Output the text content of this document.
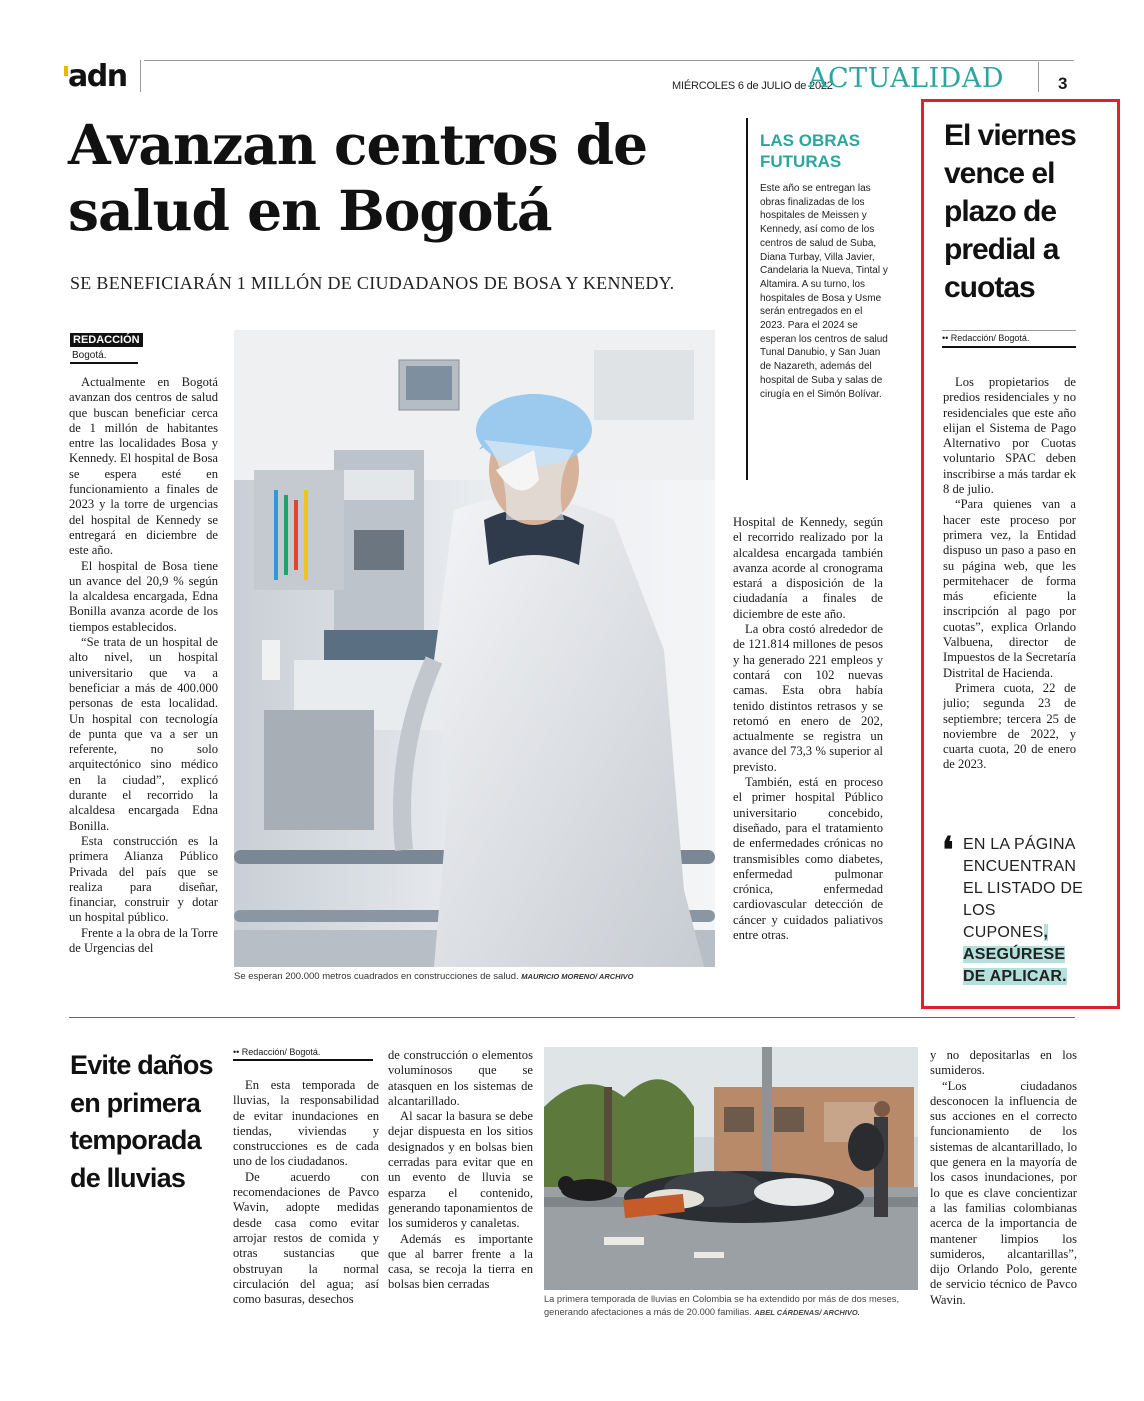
adn	MIÉRCOLES 6 de JULIO de 2022
ACTUALIDAD	3
Avanzan centros de salud en Bogotá
SE BENEFICIARÁN 1 MILLÓN DE CIUDADANOS DE BOSA Y KENNEDY.
REDACCIÓN
Bogotá.

Actualmente en Bogotá avanzan dos centros de salud que buscan beneficiar cerca de 1 millón de habitantes entre las localidades Bosa y Kennedy. El hospital de Bosa se espera esté en funcionamiento a finales de 2023 y la torre de urgencias del hospital de Kennedy se entregará en diciembre de este año.

El hospital de Bosa tiene un avance del 20,9 % según la alcaldesa encargada, Edna Bonilla avanza acorde de los tiempos establecidos.

“Se trata de un hospital de alto nivel, un hospital universitario que va a beneficiar a más de 400.000 personas de esta localidad. Un hospital con tecnología de punta que va a ser un referente, no solo arquitectónico sino médico en la ciudad”, explicó durante el recorrido la alcaldesa encargada Edna Bonilla.

Esta construcción es la primera Alianza Público Privada del país que se realiza para diseñar, financiar, construir y dotar un hospital público.

Frente a la obra de la Torre de Urgencias del

Se esperan 200.000 metros cuadrados en construcciones de salud. MAURICIO MORENO/ ARCHIVO
LAS OBRAS FUTURAS
Este año se entregan las obras finalizadas de los hospitales de Meissen y Kennedy, así como de los centros de salud de Suba, Diana Turbay, Villa Javier, Candelaria la Nueva, Tintal y Altamira. A su turno, los hospitales de Bosa y Usme serán entregados en el 2023. Para el 2024 se esperan los centros de salud Tunal Danubio, y San Juan de Nazareth, además del hospital de Suba y salas de cirugía en el Simón Bolívar.

Hospital de Kennedy, según el recorrido realizado por la alcaldesa encargada también avanza acorde al cronograma estará a disposición de la ciudadanía a finales de diciembre de este año.

La obra costó alrededor de de 121.814 millones de pesos y ha generado 221 empleos y contará con 102 nuevas camas. Esta obra había tenido distintos retrasos y se retomó en enero de 202, actualmente se registra un avance del 73,3 % superior al previsto.

También, está en proceso el primer hospital Público universitario concebido, diseñado, para el tratamiento de enfermedades crónicas no transmisibles como diabetes, enfermedad pulmonar crónica, enfermedad cardiovascular detección de cáncer y cuidados paliativos entre otras.

El viernes vence el plazo de predial a cuotas
•• Redacción/ Bogotá.

Los propietarios de predios residenciales y no residenciales que este año elijan el Sistema de Pago Alternativo por Cuotas voluntario SPAC deben inscribirse a más tardar ek 8 de julio.

“Para quienes van a hacer este proceso por primera vez, la Entidad dispuso un paso a paso en su página web, que les permitehacer de forma más eficiente la inscripción al pago por cuotas”, explica Orlando Valbuena, director de Impuestos de la Secretaría Distrital de Hacienda.

Primera cuota, 22 de julio; segunda 23 de septiembre; tercera 25 de noviembre de 2022, y cuarta cuota, 20 de enero de 2023.

❛ EN LA PÁGINA ENCUENTRAN EL LISTADO DE LOS CUPONES, ASEGÚRESE DE APLICAR.
Evite daños en primera temporada de lluvias
•• Redacción/ Bogotá.

En esta temporada de lluvias, la responsabilidad de evitar inundaciones en tiendas, viviendas y construcciones es de cada uno de los ciudadanos.

De acuerdo con recomendaciones de Pavco Wavin, adopte medidas desde casa como evitar arrojar restos de comida y otras sustancias que obstruyan la normal circulación del agua; así como basuras, desechos

de construcción o elementos voluminosos que se atasquen en los sistemas de alcantarillado.

Al sacar la basura se debe dejar dispuesta en los sitios designados y en bolsas bien cerradas para evitar que en un evento de lluvia se esparza el contenido, generando taponamientos de los sumideros y canaletas.

Además es importante que al barrer frente a la casa, se recoja la tierra en bolsas bien cerradas

La primera temporada de lluvias en Colombia se ha extendido por más de dos meses, generando afectaciones a más de 20.000 familias. ABEL CÁRDENAS/ ARCHIVO.

y no depositarlas en los sumideros.

“Los ciudadanos desconocen la influencia de sus acciones en el correcto funcionamiento de los sistemas de alcantarillado, lo que genera en la mayoría de los casos inundaciones, por lo que es clave concientizar a las familias colombianas acerca de la importancia de mantener limpios los sumideros, alcantarillas”, dijo Orlando Polo, gerente de servicio técnico de Pavco Wavin.
